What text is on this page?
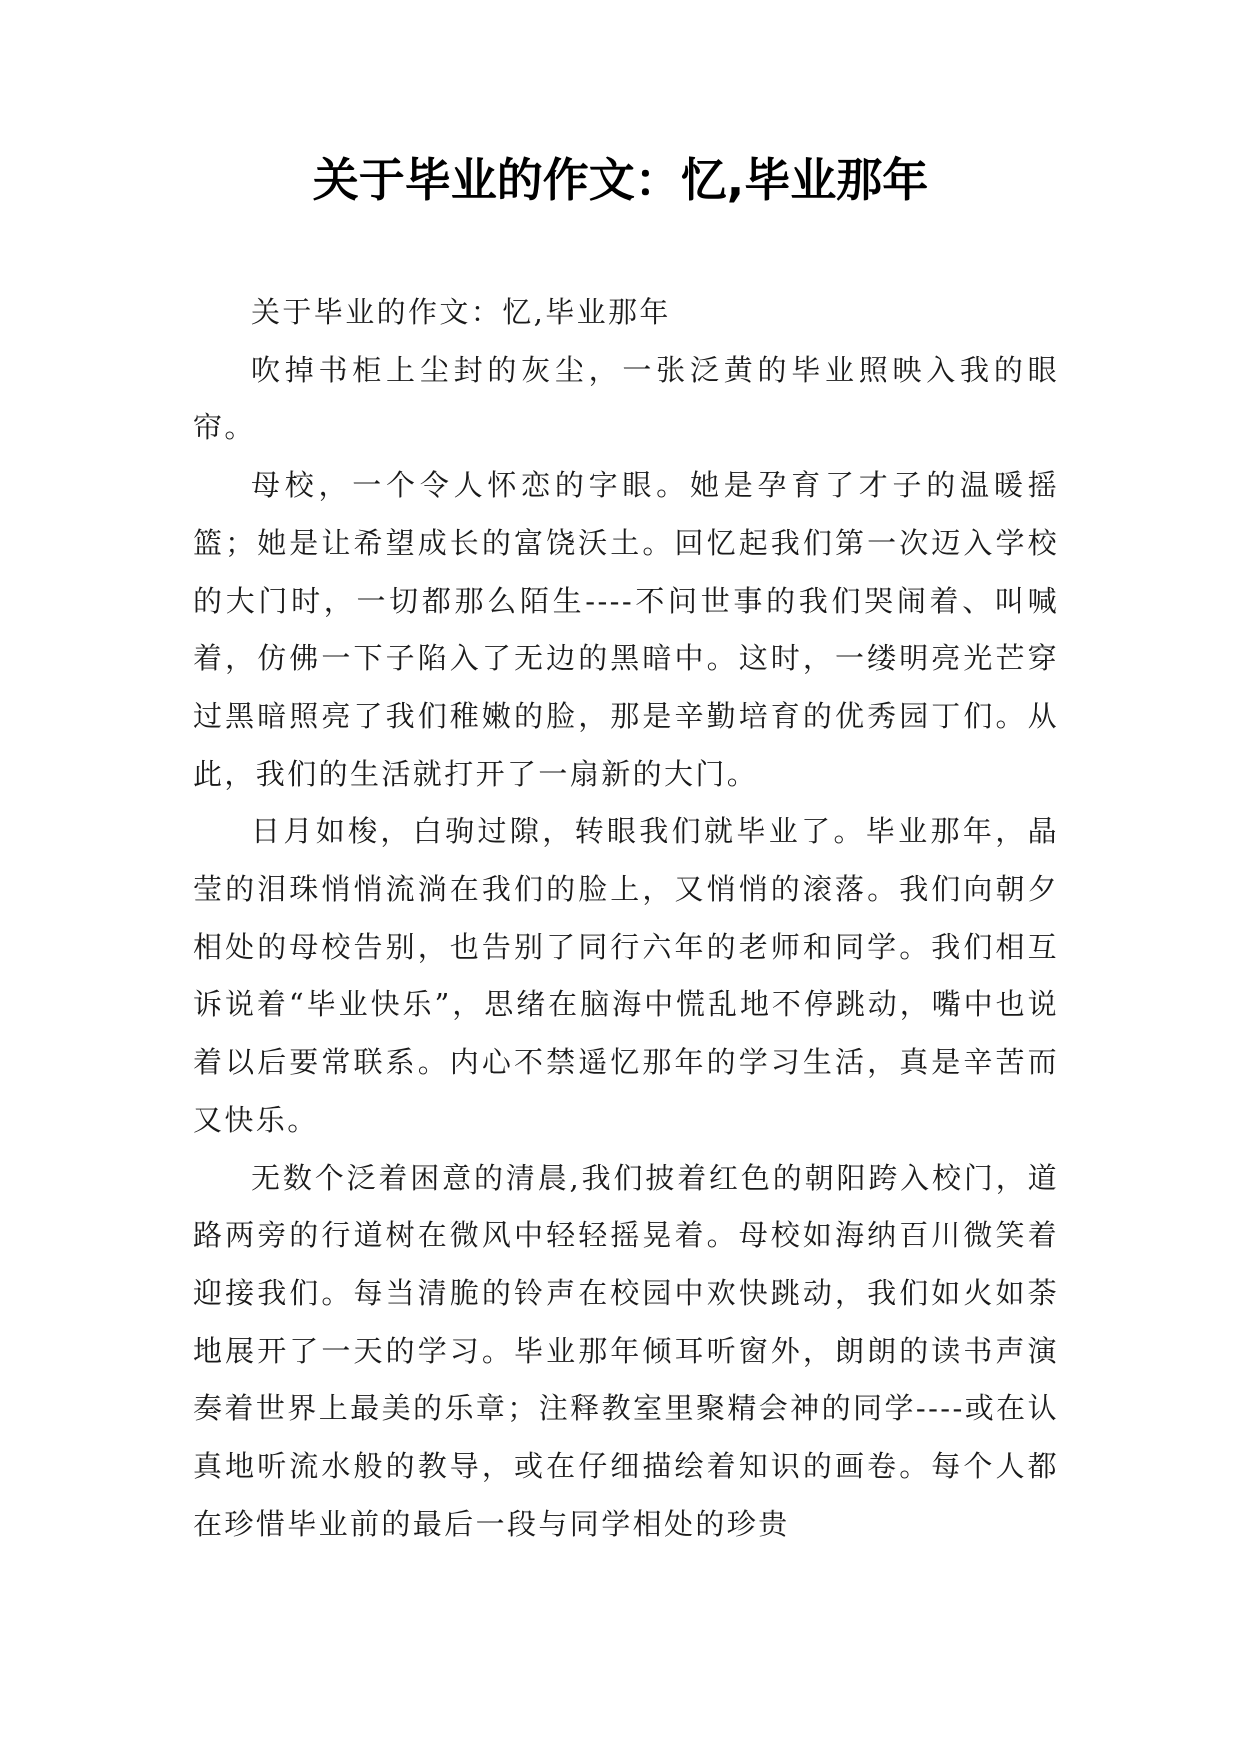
关于毕业的作文：忆,毕业那年

关于毕业的作文：忆,毕业那年

吹掉书柜上尘封的灰尘，一张泛黄的毕业照映入我的眼帘。

母校，一个令人怀恋的字眼。她是孕育了才子的温暖摇篮；她是让希望成长的富饶沃土。回忆起我们第一次迈入学校的大门时，一切都那么陌生----不问世事的我们哭闹着、叫喊着，仿佛一下子陷入了无边的黑暗中。这时，一缕明亮光芒穿过黑暗照亮了我们稚嫩的脸，那是辛勤培育的优秀园丁们。从此，我们的生活就打开了一扇新的大门。

日月如梭，白驹过隙，转眼我们就毕业了。毕业那年，晶莹的泪珠悄悄流淌在我们的脸上，又悄悄的滚落。我们向朝夕相处的母校告别，也告别了同行六年的老师和同学。我们相互诉说着“毕业快乐”，思绪在脑海中慌乱地不停跳动，嘴中也说着以后要常联系。内心不禁遥忆那年的学习生活，真是辛苦而又快乐。

无数个泛着困意的清晨,我们披着红色的朝阳跨入校门，道路两旁的行道树在微风中轻轻摇晃着。母校如海纳百川微笑着迎接我们。每当清脆的铃声在校园中欢快跳动，我们如火如荼地展开了一天的学习。毕业那年倾耳听窗外，朗朗的读书声演奏着世界上最美的乐章；注释教室里聚精会神的同学----或在认真地听流水般的教导，或在仔细描绘着知识的画卷。每个人都在珍惜毕业前的最后一段与同学相处的珍贵
